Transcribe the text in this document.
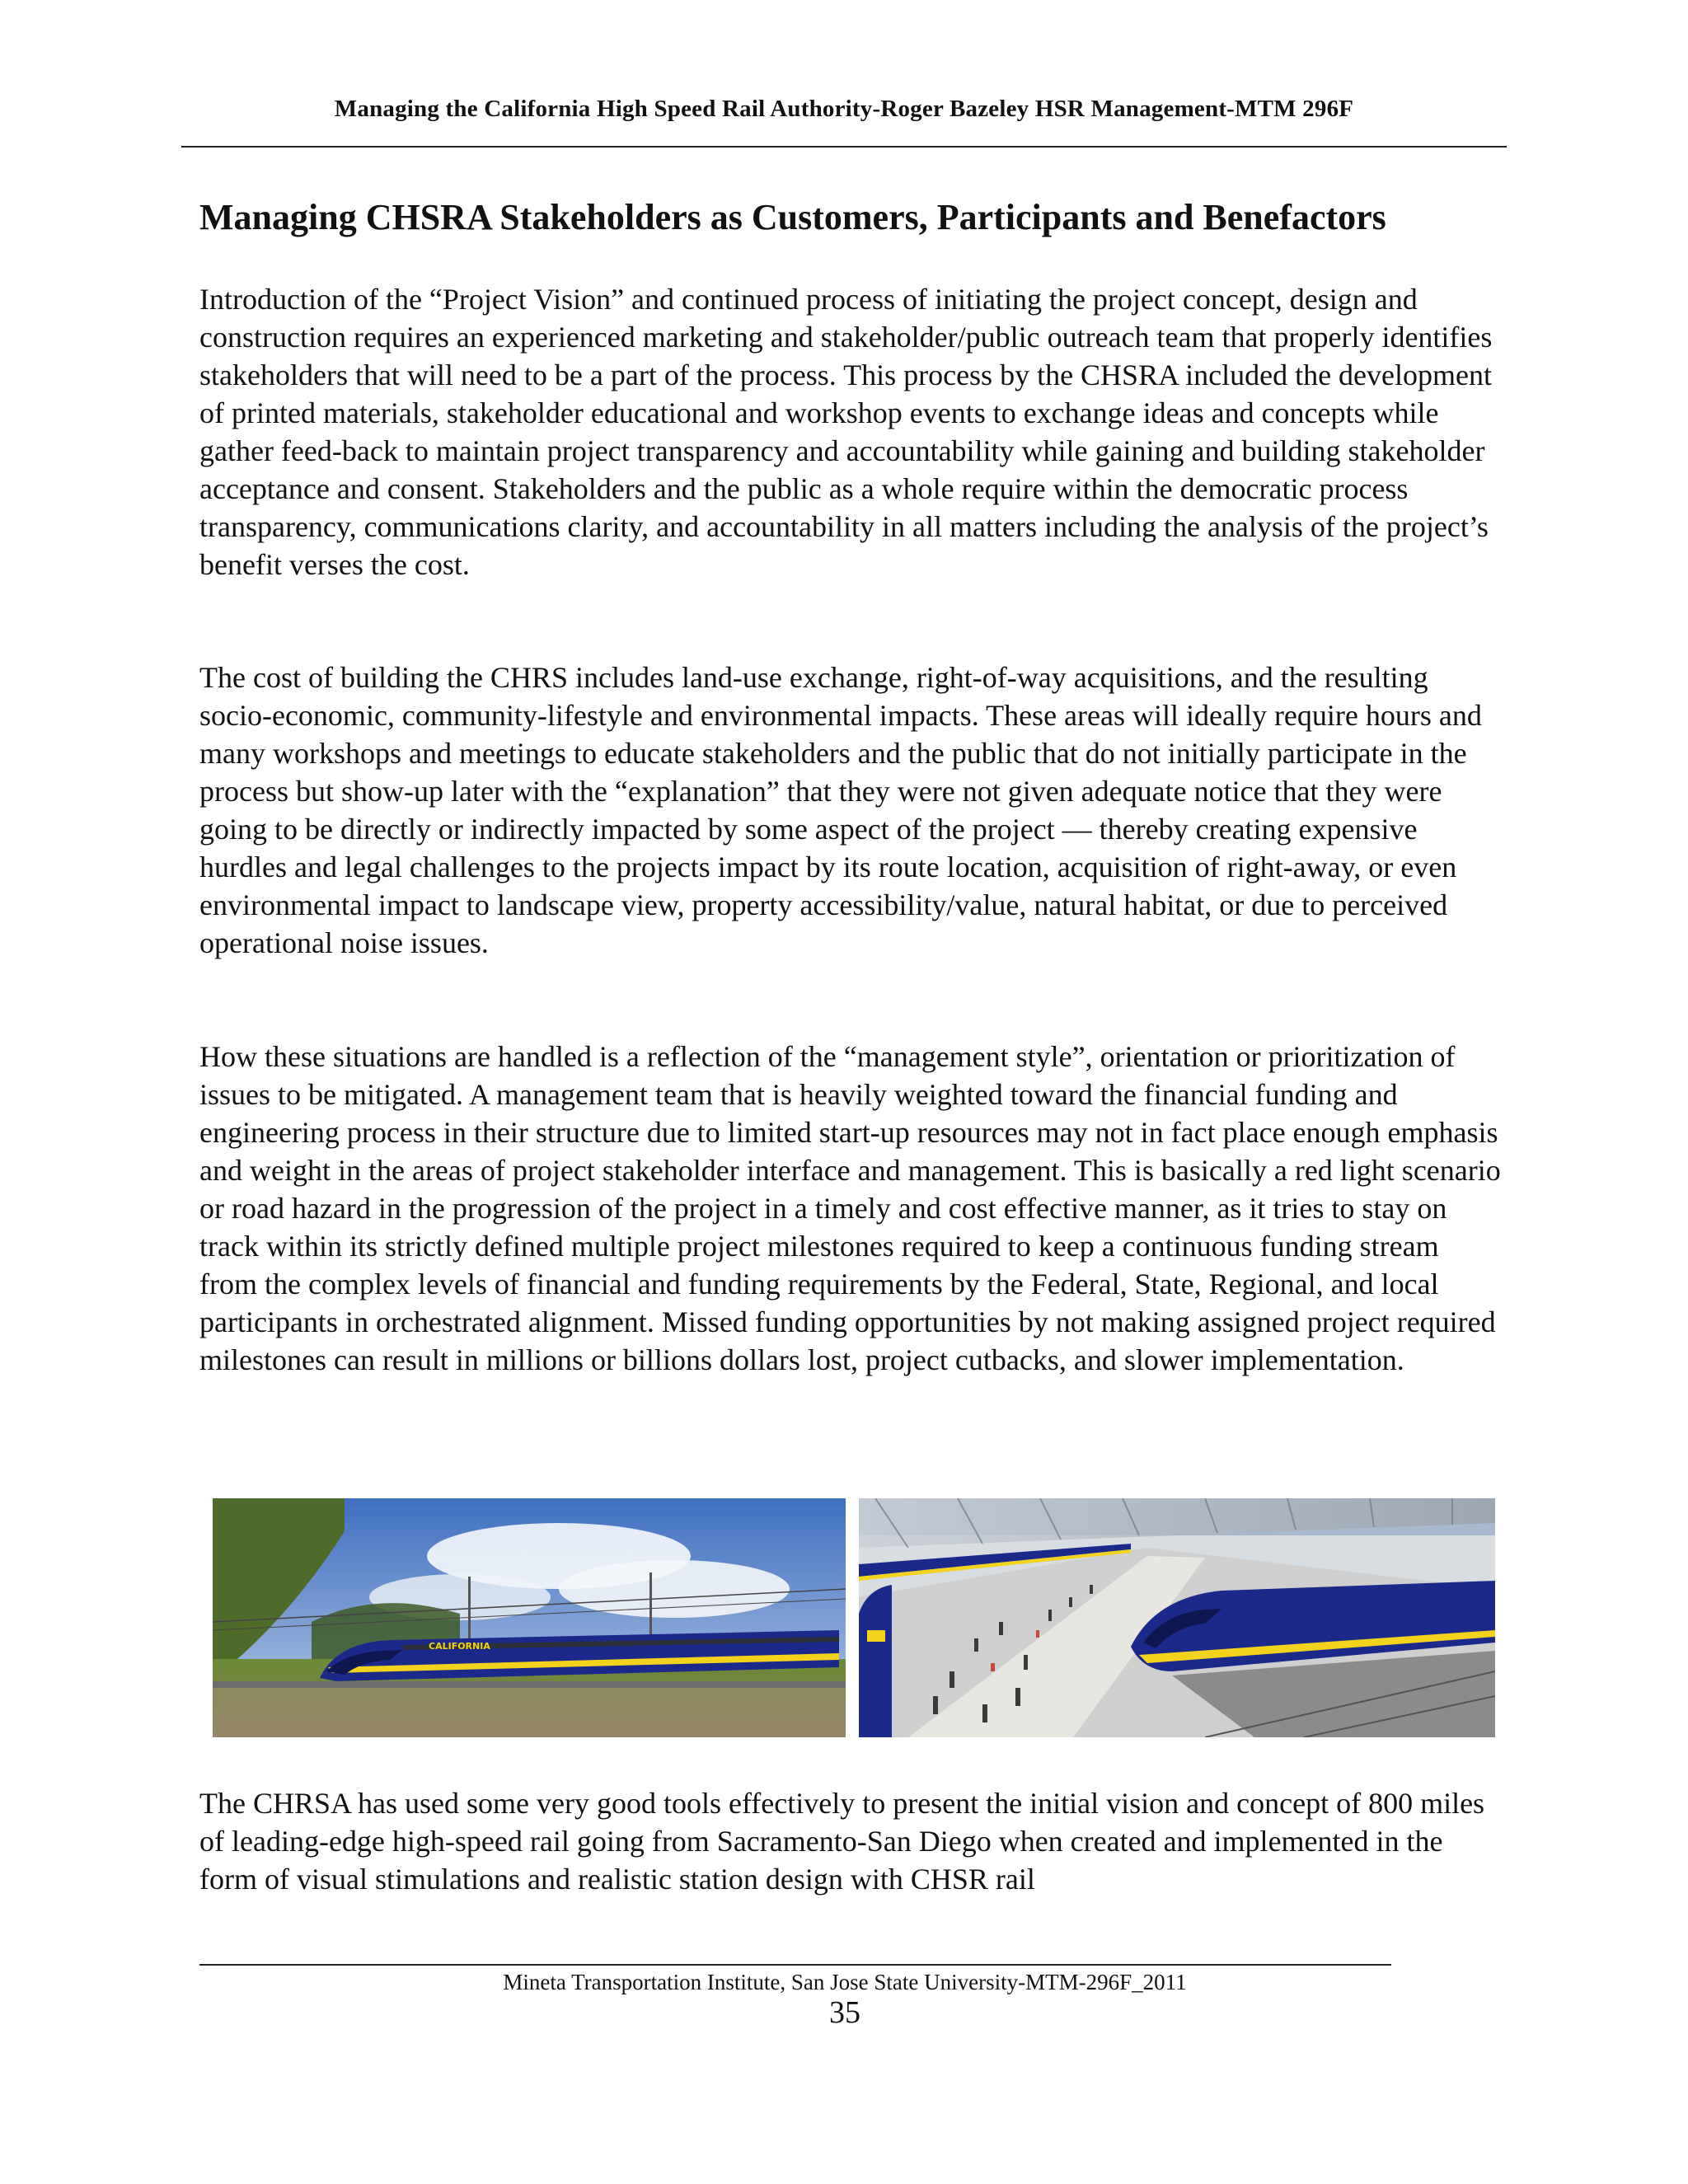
Managing the California High Speed Rail Authority-Roger Bazeley HSR Management-MTM 296F
Managing CHSRA Stakeholders as Customers, Participants and Benefactors

Introduction of the “Project Vision” and continued process of initiating the project concept, design and construction requires an experienced marketing and stakeholder/public outreach team that properly identifies stakeholders that will need to be a part of the process. This process by the CHSRA included the development of printed materials, stakeholder educational and workshop events to exchange ideas and concepts while gather feed-back to maintain project transparency and accountability while gaining and building stakeholder acceptance and consent. Stakeholders and the public as a whole require within the democratic process transparency, communications clarity, and accountability in all matters including the analysis of the project’s benefit verses the cost.

The cost of building the CHRS includes land-use exchange, right-of-way acquisitions, and the resulting socio-economic, community-lifestyle and environmental impacts. These areas will ideally require hours and many workshops and meetings to educate stakeholders and the public that do not initially participate in the process but show-up later with the “explanation” that they were not given adequate notice that they were going to be directly or indirectly impacted by some aspect of the project — thereby creating expensive hurdles and legal challenges to the projects impact by its route location, acquisition of right-away, or even environmental impact to landscape view, property accessibility/value, natural habitat, or due to perceived operational noise issues.

How these situations are handled is a reflection of the “management style”, orientation or prioritization of issues to be mitigated. A management team that is heavily weighted toward the financial funding and engineering process in their structure due to limited start-up resources may not in fact place enough emphasis and weight in the areas of project stakeholder interface and management. This is basically a red light scenario or road hazard in the progression of the project in a timely and cost effective manner, as it tries to stay on track within its strictly defined multiple project milestones required to keep a continuous funding stream from the complex levels of financial and funding requirements by the Federal, State, Regional, and local participants in orchestrated alignment. Missed funding opportunities by not making assigned project required milestones can result in millions or billions dollars lost, project cutbacks, and slower implementation.

CALIFORNIA

The CHRSA has used some very good tools effectively to present the initial vision and concept of 800 miles of leading-edge high-speed rail going from Sacramento-San Diego when created and implemented in the form of visual stimulations and realistic station design with CHSR rail

Mineta Transportation Institute, San Jose State University-MTM-296F_2011
35
